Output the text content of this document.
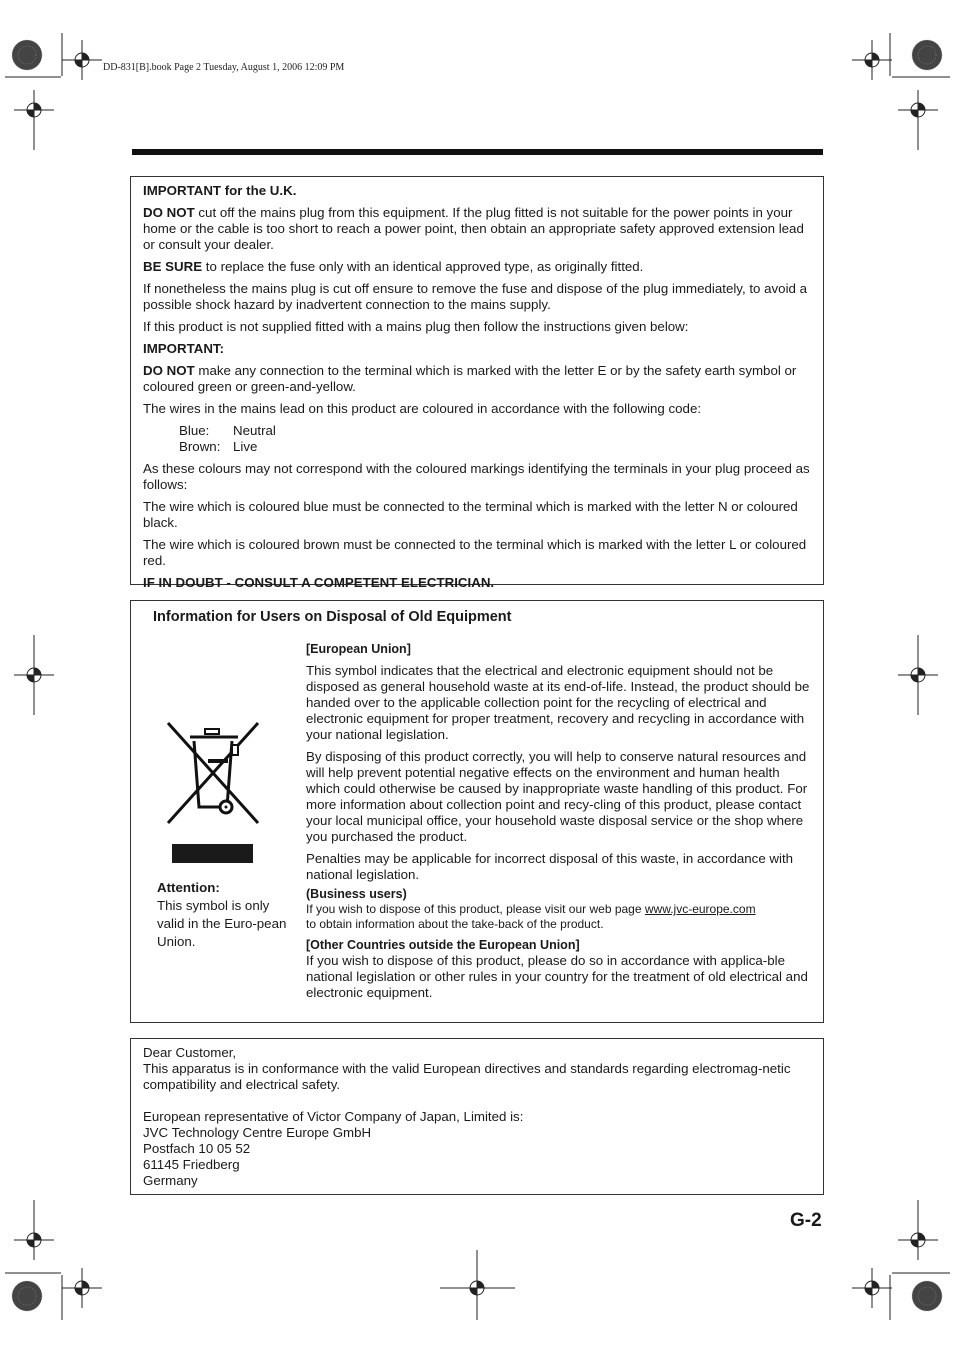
DD-831[B].book Page 2 Tuesday, August 1, 2006 12:09 PM

IMPORTANT for the U.K.

DO NOT cut off the mains plug from this equipment. If the plug fitted is not suitable for the power points in your home or the cable is too short to reach a power point, then obtain an appropriate safety approved extension lead or consult your dealer.

BE SURE to replace the fuse only with an identical approved type, as originally fitted.

If nonetheless the mains plug is cut off ensure to remove the fuse and dispose of the plug immediately, to avoid a possible shock hazard by inadvertent connection to the mains supply.

If this product is not supplied fitted with a mains plug then follow the instructions given below:

IMPORTANT:

DO NOT make any connection to the terminal which is marked with the letter E or by the safety earth symbol or coloured green or green-and-yellow.

The wires in the mains lead on this product are coloured in accordance with the following code:

Blue: Neutral
Brown: Live

As these colours may not correspond with the coloured markings identifying the terminals in your plug proceed as follows:

The wire which is coloured blue must be connected to the terminal which is marked with the letter N or coloured black.

The wire which is coloured brown must be connected to the terminal which is marked with the letter L or coloured red.

IF IN DOUBT - CONSULT A COMPETENT ELECTRICIAN.

Information for Users on Disposal of Old Equipment
Attention:
This symbol is only valid in the Euro-pean Union.

[European Union]

This symbol indicates that the electrical and electronic equipment should not be disposed as general household waste at its end-of-life. Instead, the product should be handed over to the applicable collection point for the recycling of electrical and electronic equipment for proper treatment, recovery and recycling in accordance with your national legislation.

By disposing of this product correctly, you will help to conserve natural resources and will help prevent potential negative effects on the environment and human health which could otherwise be caused by inappropriate waste handling of this product. For more information about collection point and recy-cling of this product, please contact your local municipal office, your household waste disposal service or the shop where you purchased the product.

Penalties may be applicable for incorrect disposal of this waste, in accordance with national legislation.

(Business users)

If you wish to dispose of this product, please visit our web page www.jvc-europe.com
to obtain information about the take-back of the product.

[Other Countries outside the European Union]

If you wish to dispose of this product, please do so in accordance with applica-ble national legislation or other rules in your country for the treatment of old electrical and electronic equipment.

Dear Customer,

This apparatus is in conformance with the valid European directives and standards regarding electromag-netic compatibility and electrical safety.

European representative of Victor Company of Japan, Limited is:

JVC Technology Centre Europe GmbH

Postfach 10 05 52

61145 Friedberg

Germany

G-2
